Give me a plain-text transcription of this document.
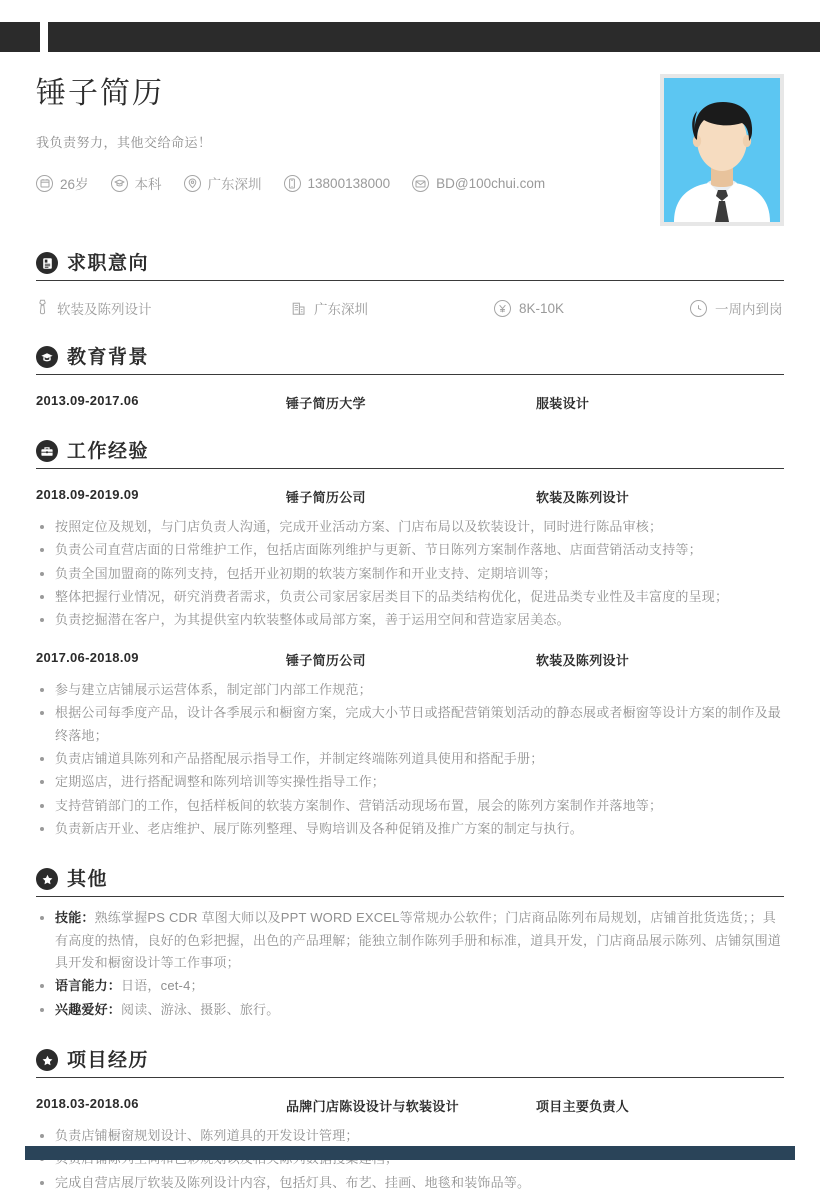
锤子简历

我负责努力，其他交给命运！

26岁	本科	广东深圳	13800138000	BD@100chui.com
求职意向
软装及陈列设计	广东深圳	8K-10K	一周内到岗
教育背景
2013.09-2017.06	锤子简历大学	服装设计
工作经验
2018.09-2019.09	锤子简历公司	软装及陈列设计
按照定位及规划，与门店负责人沟通，完成开业活动方案、门店布局以及软装设计，同时进行陈品审核；
负责公司直营店面的日常维护工作，包括店面陈列维护与更新、节日陈列方案制作落地、店面营销活动支持等；
负责全国加盟商的陈列支持，包括开业初期的软装方案制作和开业支持、定期培训等；
整体把握行业情况，研究消费者需求，负责公司家居家居类目下的品类结构优化，促进品类专业性及丰富度的呈现；
负责挖掘潜在客户，为其提供室内软装整体或局部方案，善于运用空间和营造家居美态。
2017.06-2018.09	锤子简历公司	软装及陈列设计
参与建立店铺展示运营体系，制定部门内部工作规范；
根据公司每季度产品，设计各季展示和橱窗方案，完成大小节日或搭配营销策划活动的静态展或者橱窗等设计方案的制作及最终落地；
负责店铺道具陈列和产品搭配展示指导工作，并制定终端陈列道具使用和搭配手册；
定期巡店，进行搭配调整和陈列培训等实操性指导工作；
支持营销部门的工作，包括样板间的软装方案制作、营销活动现场布置，展会的陈列方案制作并落地等；
负责新店开业、老店维护、展厅陈列整理、导购培训及各种促销及推广方案的制定与执行。
其他
技能：熟练掌握PS CDR 草图大师以及PPT WORD EXCEL等常规办公软件；门店商品陈列布局规划，店铺首批货选货；；具有高度的热情，良好的色彩把握，出色的产品理解；能独立制作陈列手册和标准，道具开发，门店商品展示陈列、店铺氛围道具开发和橱窗设计等工作事项；
语言能力：日语，cet-4；
兴趣爱好：阅读、游泳、摄影、旅行。
项目经历
2018.03-2018.06	品牌门店陈设设计与软装设计	项目主要负责人
负责店铺橱窗规划设计、陈列道具的开发设计管理；
完成自营店展厅软装及陈列设计内容，包括灯具、布艺、挂画、地毯和装饰品等。
